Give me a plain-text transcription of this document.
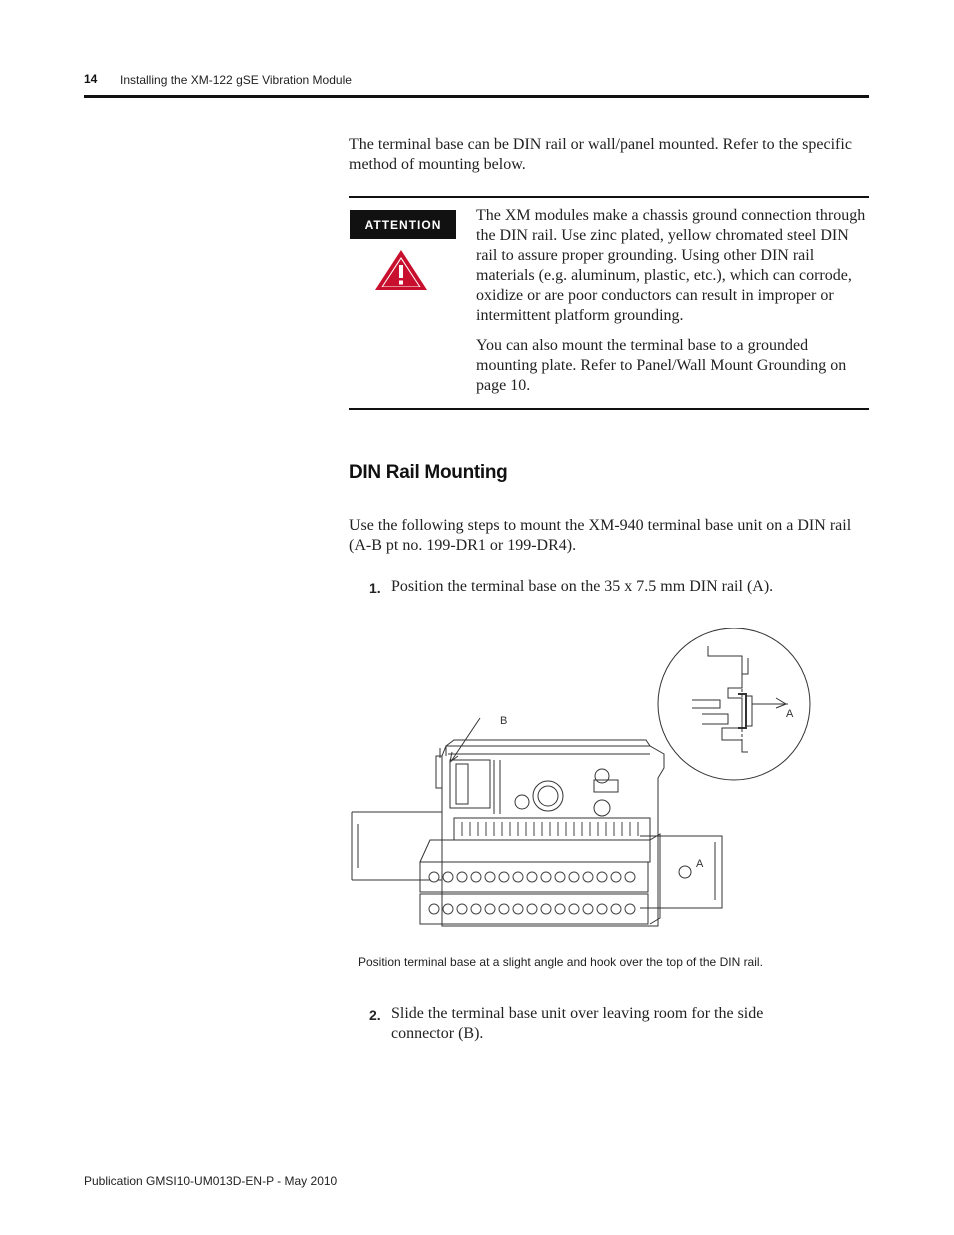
14 Installing the XM-122 gSE Vibration Module
The terminal base can be DIN rail or wall/panel mounted. Refer to the specific method of mounting below.
ATTENTION

The XM modules make a chassis ground connection through the DIN rail. Use zinc plated, yellow chromated steel DIN rail to assure proper grounding. Using other DIN rail materials (e.g. aluminum, plastic, etc.), which can corrode, oxidize or are poor conductors can result in improper or intermittent platform grounding.

You can also mount the terminal base to a grounded mounting plate. Refer to Panel/Wall Mount Grounding on page 10.

DIN Rail Mounting
Use the following steps to mount the XM-940 terminal base unit on a DIN rail (A-B pt no. 199-DR1 or 199-DR4).
1. Position the terminal base on the 35 x 7.5 mm DIN rail (A).
A
B
A
Position terminal base at a slight angle and hook over the top of the DIN rail.
2. Slide the terminal base unit over leaving room for the side connector (B).
Publication GMSI10-UM013D-EN-P - May 2010
